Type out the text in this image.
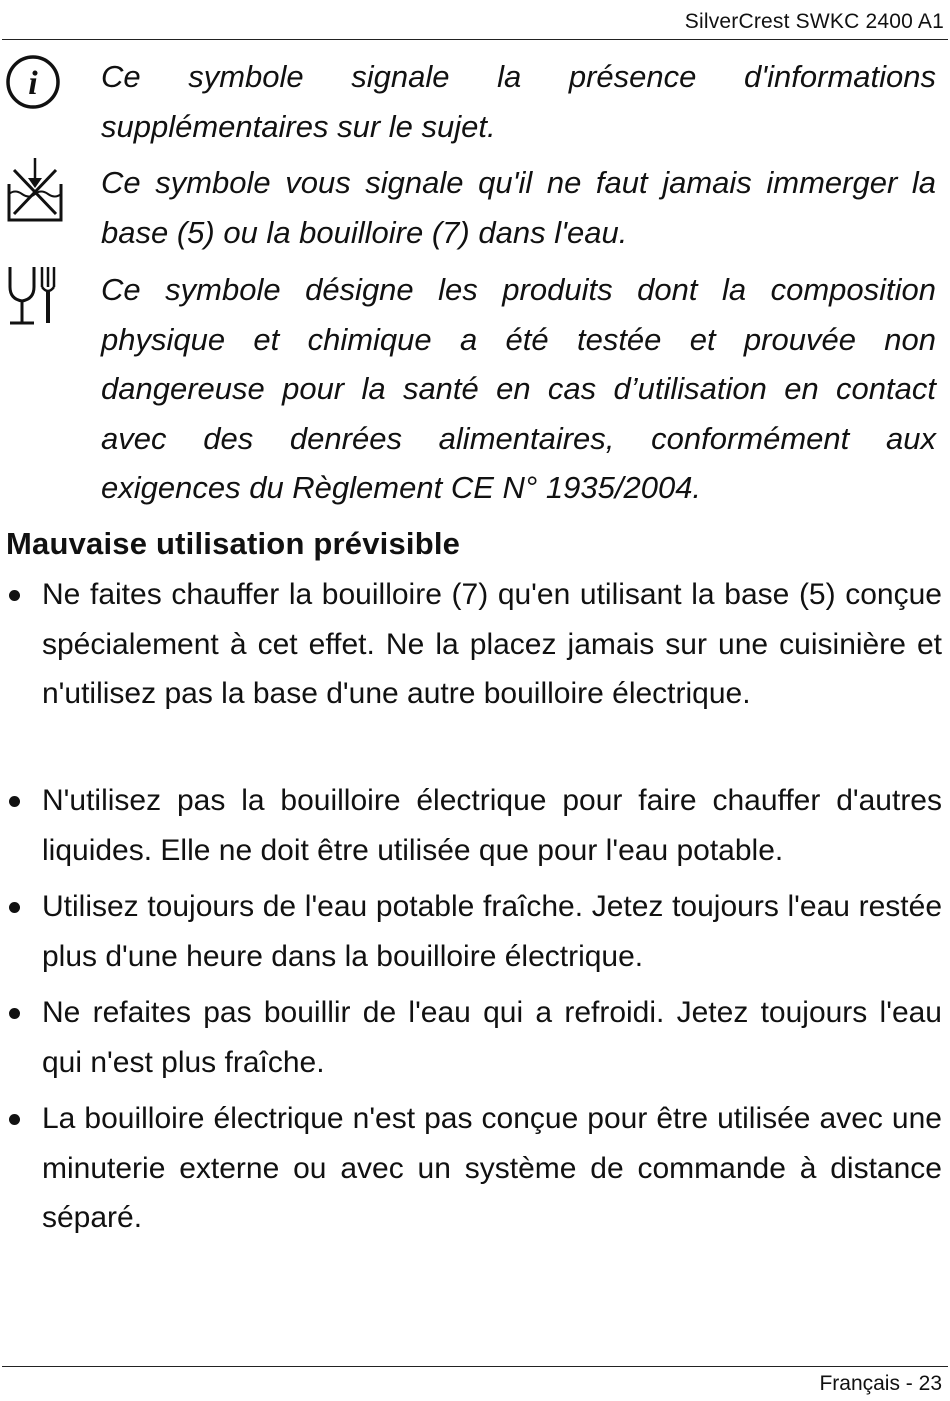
SilverCrest SWKC 2400 A1
i Ce symbole signale la présence d'informations supplémentaires sur le sujet.
Ce symbole vous signale qu'il ne faut jamais immerger la base (5) ou la bouilloire (7) dans l'eau.
Ce symbole désigne les produits dont la composition physique et chimique a été testée et prouvée non dangereuse pour la santé en cas d’utilisation en contact avec des denrées alimentaires, conformément aux exigences du Règlement CE N° 1935/2004.
Mauvaise utilisation prévisible
Ne faites chauffer la bouilloire (7) qu'en utilisant la base (5) conçue spécialement à cet effet. Ne la placez jamais sur une cuisinière et n'utilisez pas la base d'une autre bouilloire électrique.
N'utilisez pas la bouilloire électrique pour faire chauffer d'autres liquides. Elle ne doit être utilisée que pour l'eau potable.
Utilisez toujours de l'eau potable fraîche. Jetez toujours l'eau restée plus d'une heure dans la bouilloire électrique.
Ne refaites pas bouillir de l'eau qui a refroidi. Jetez toujours l'eau qui n'est plus fraîche.
La bouilloire électrique n'est pas conçue pour être utilisée avec une minuterie externe ou avec un système de commande à distance séparé.
Français - 23
